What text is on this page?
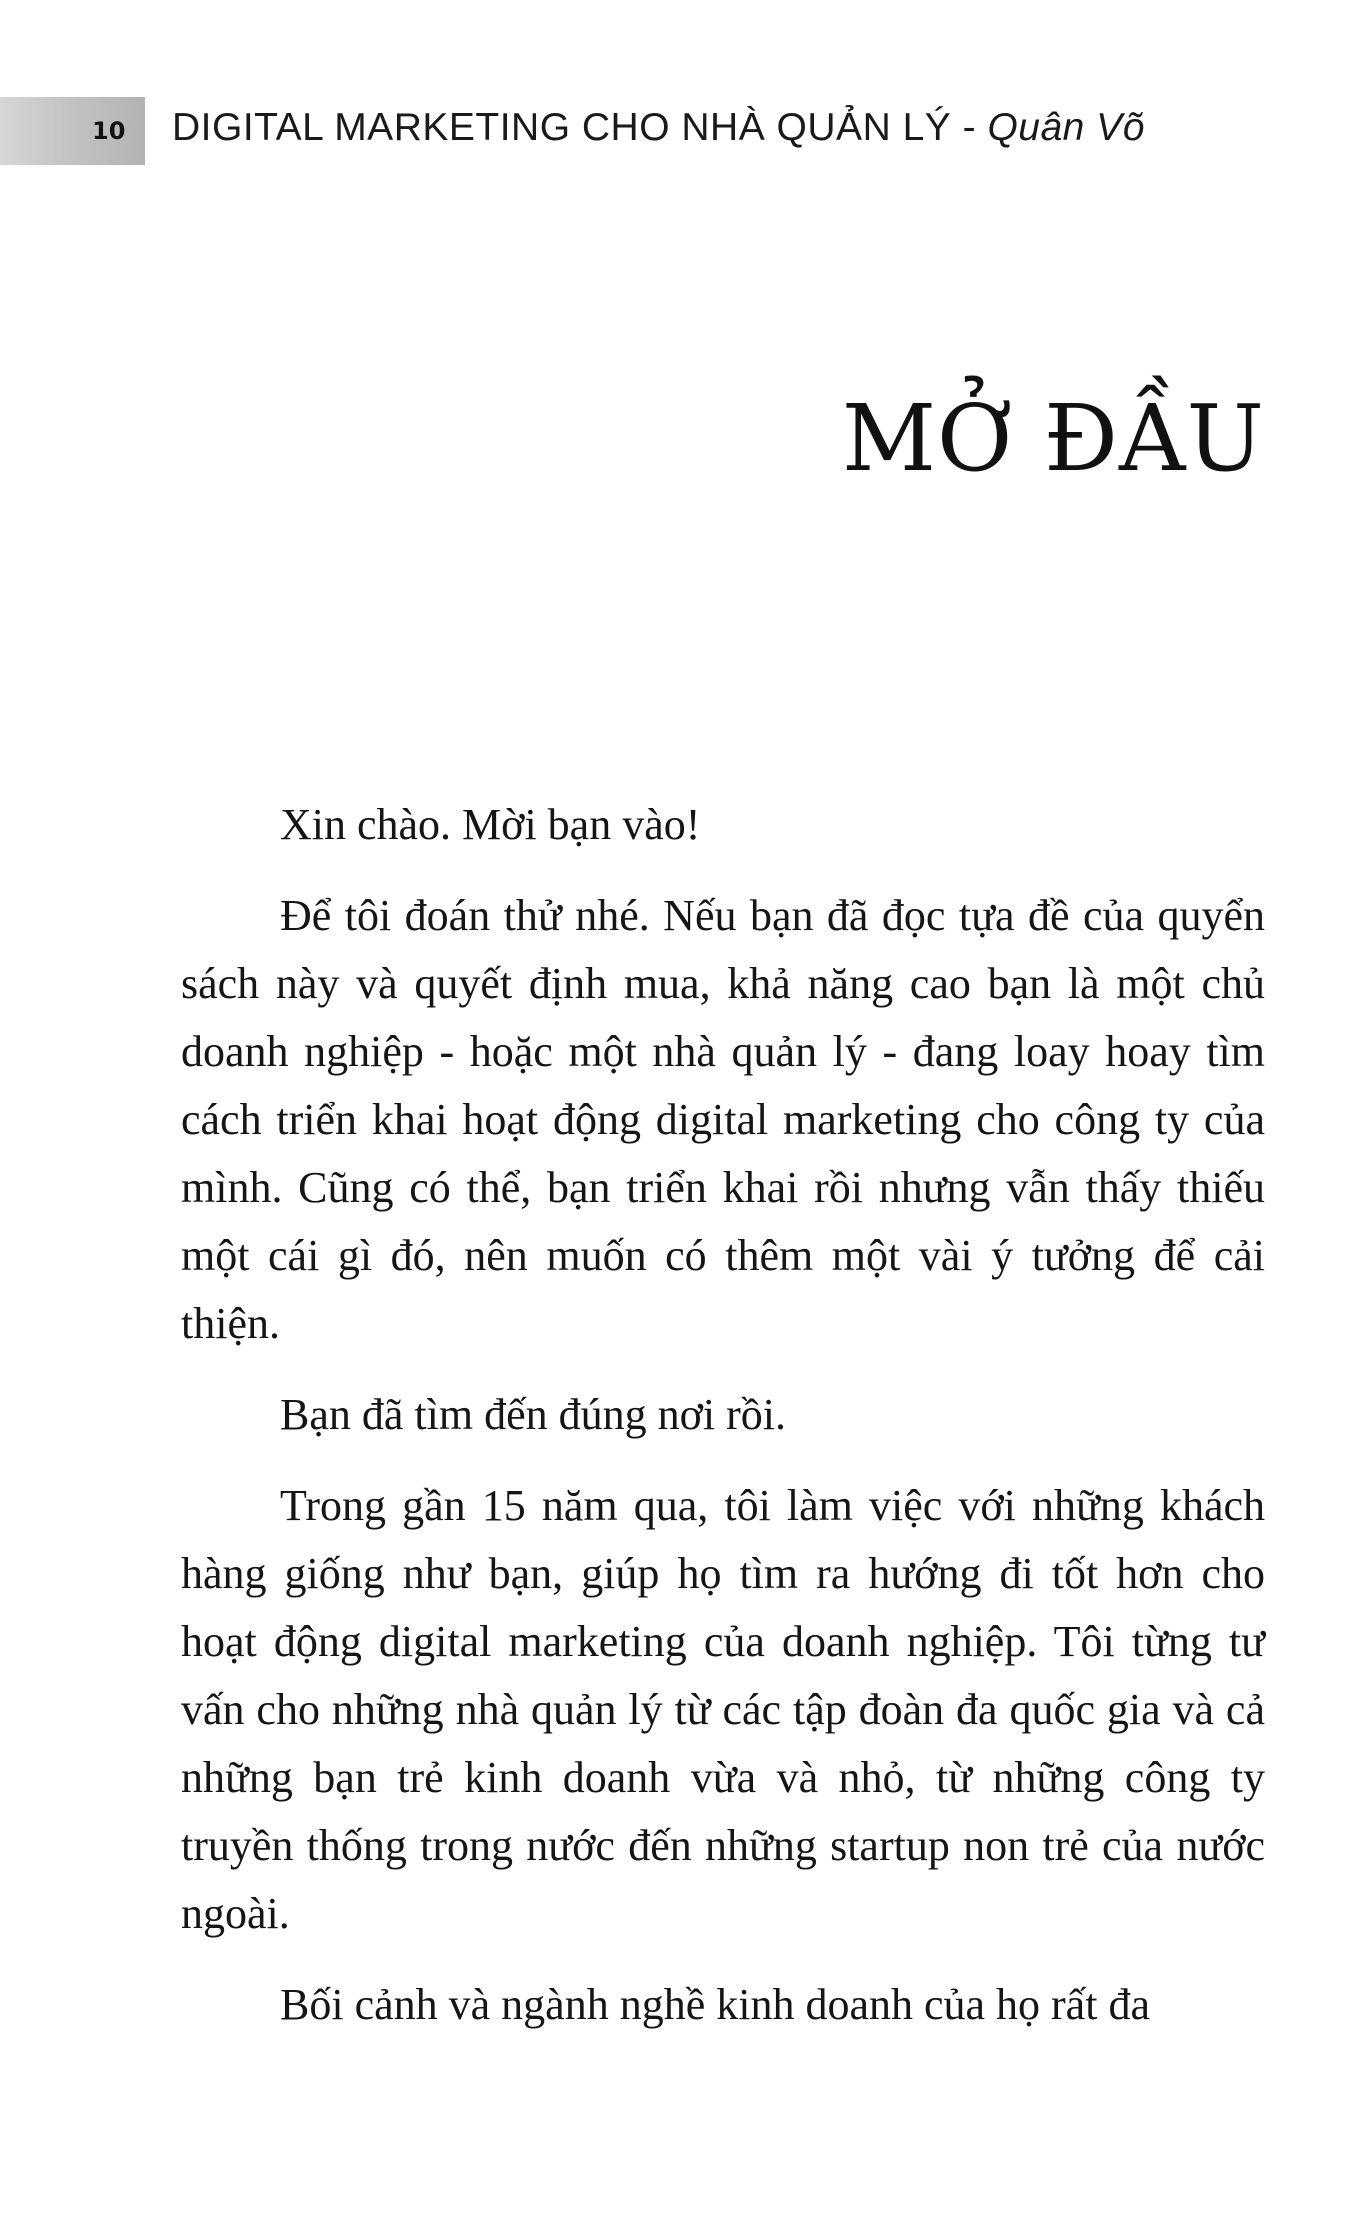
10 DIGITAL MARKETING CHO NHÀ QUẢN LÝ - Quân Võ
MỞ ĐẦU

Xin chào. Mời bạn vào!

Để tôi đoán thử nhé. Nếu bạn đã đọc tựa đề của quyển sách này và quyết định mua, khả năng cao bạn là một chủ doanh nghiệp - hoặc một nhà quản lý - đang loay hoay tìm cách triển khai hoạt động digital marketing cho công ty của mình. Cũng có thể, bạn triển khai rồi nhưng vẫn thấy thiếu một cái gì đó, nên muốn có thêm một vài ý tưởng để cải thiện.

Bạn đã tìm đến đúng nơi rồi.

Trong gần 15 năm qua, tôi làm việc với những khách hàng giống như bạn, giúp họ tìm ra hướng đi tốt hơn cho hoạt động digital marketing của doanh nghiệp. Tôi từng tư vấn cho những nhà quản lý từ các tập đoàn đa quốc gia và cả những bạn trẻ kinh doanh vừa và nhỏ, từ những công ty truyền thống trong nước đến những startup non trẻ của nước ngoài.

Bối cảnh và ngành nghề kinh doanh của họ rất đa
